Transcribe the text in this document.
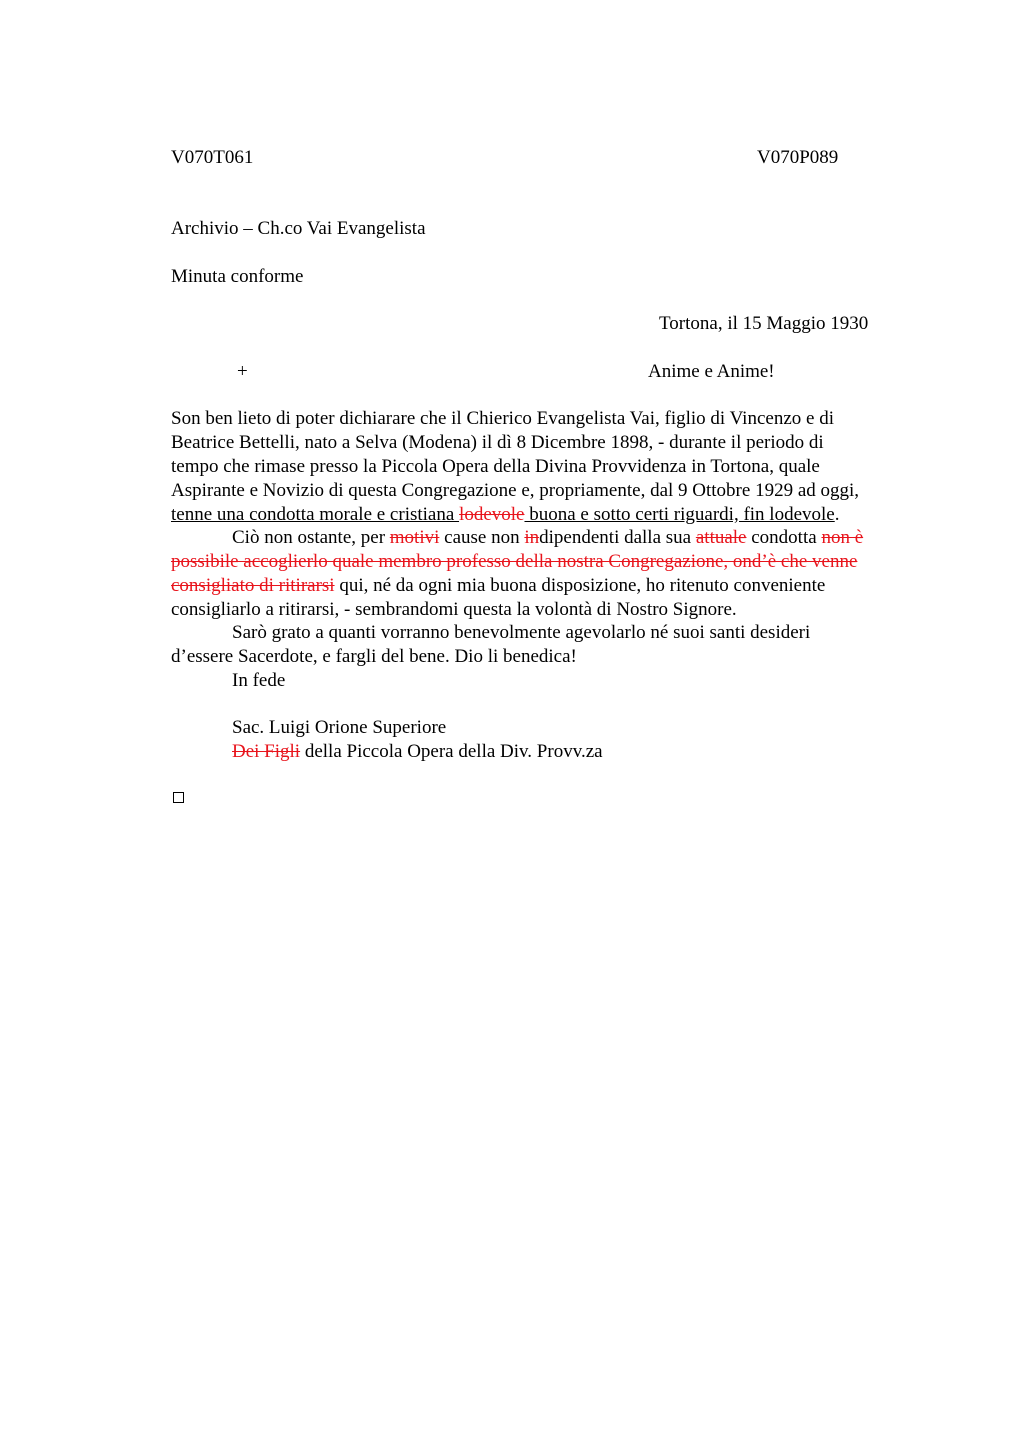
V070T061	V070P089
Archivio – Ch.co Vai Evangelista
Minuta conforme
Tortona, il 15 Maggio 1930
+	Anime e Anime!
Son ben lieto di poter dichiarare che il Chierico Evangelista Vai, figlio di Vincenzo e di
Beatrice Bettelli, nato a Selva (Modena) il dì 8 Dicembre 1898, - durante il periodo di
tempo che rimase presso la Piccola Opera della Divina Provvidenza in Tortona, quale
Aspirante e Novizio di questa Congregazione e, propriamente, dal 9 Ottobre 1929 ad oggi,
tenne una condotta morale e cristiana lodevole buona e sotto certi riguardi, fin lodevole.
Ciò non ostante, per motivi cause non indipendenti dalla sua attuale condotta non è
possibile accoglierlo quale membro professo della nostra Congregazione, ond’è che venne
consigliato di ritirarsi qui, né da ogni mia buona disposizione, ho ritenuto conveniente
consigliarlo a ritirarsi, - sembrandomi questa la volontà di Nostro Signore.
Sarò grato a quanti vorranno benevolmente agevolarlo né suoi santi desideri
d’essere Sacerdote, e fargli del bene. Dio li benedica!
In fede
Sac. Luigi Orione Superiore
Dei Figli della Piccola Opera della Div. Provv.za
